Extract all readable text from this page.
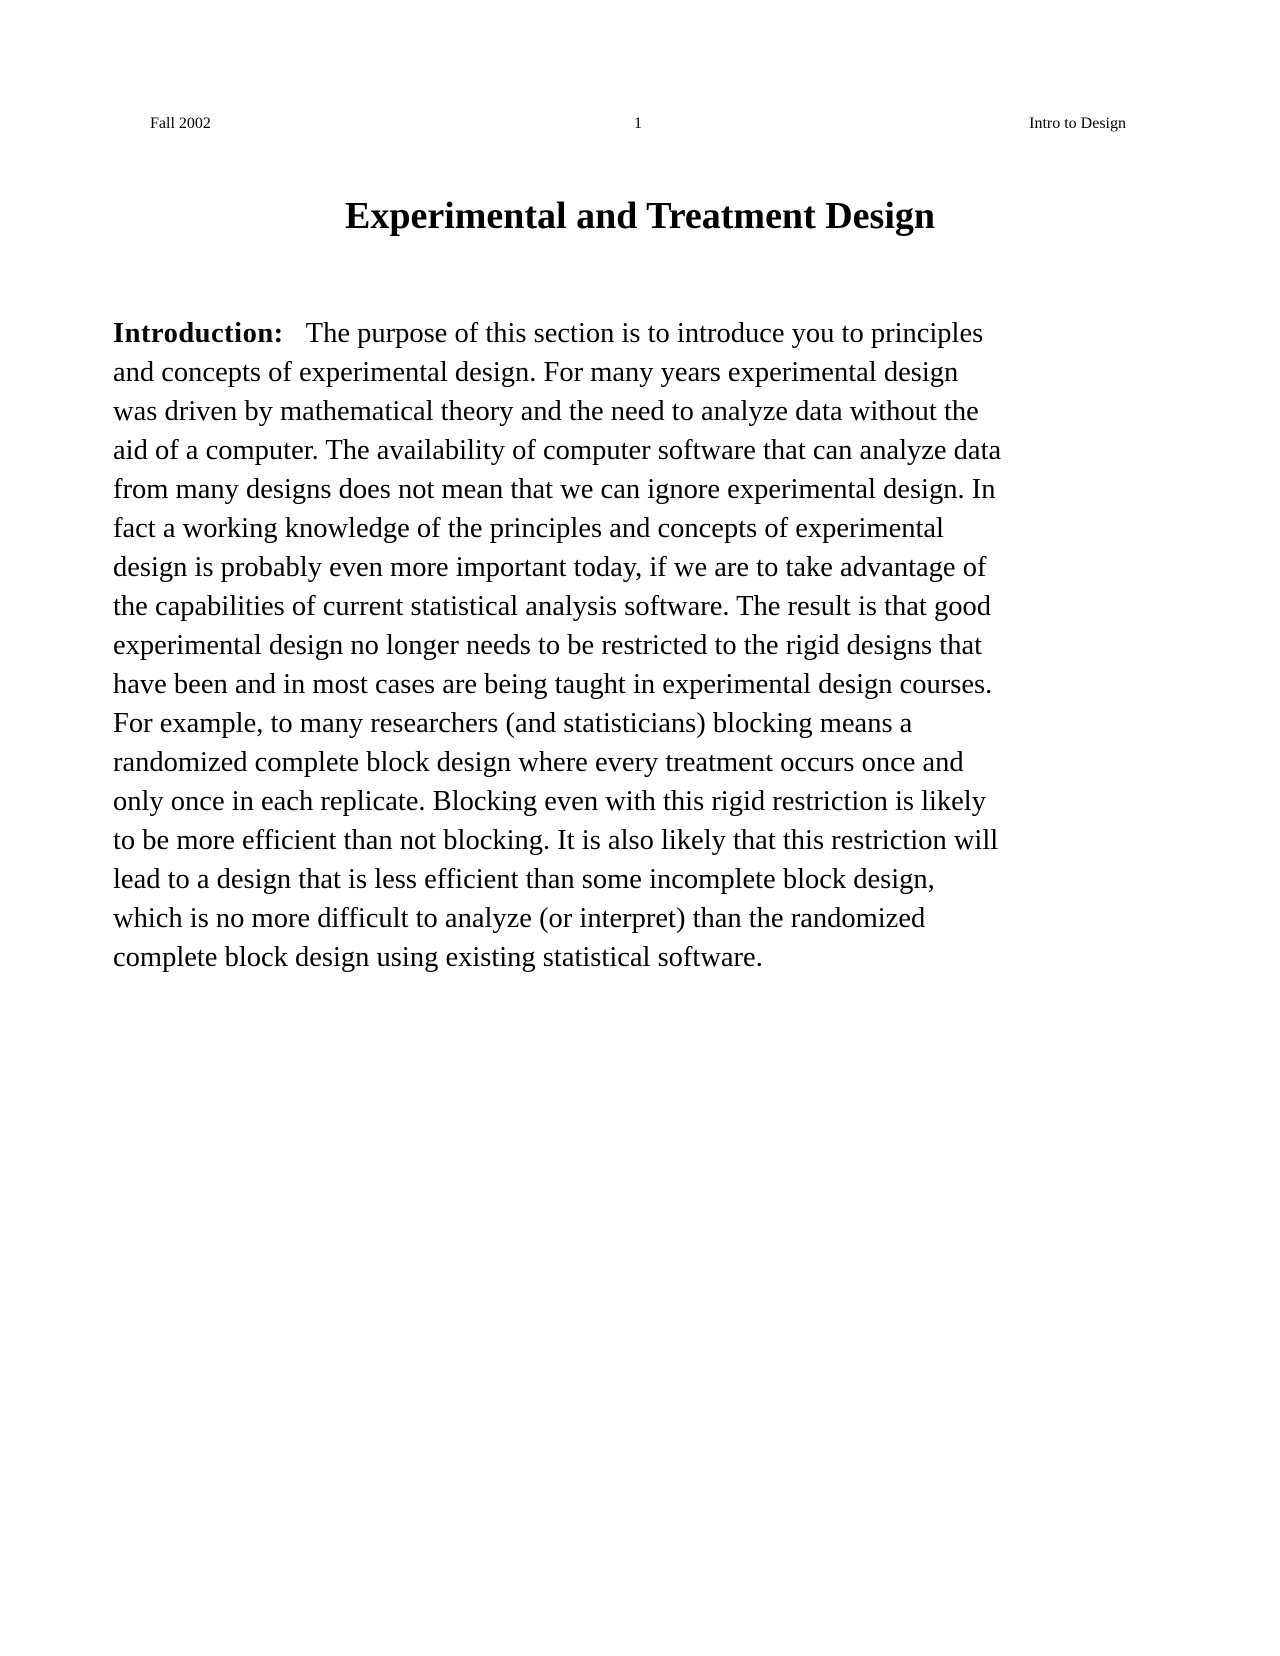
Fall 2002	1	Intro to Design
Experimental and Treatment Design
Introduction: The purpose of this section is to introduce you to principles
and concepts of experimental design. For many years experimental design
was driven by mathematical theory and the need to analyze data without the
aid of a computer. The availability of computer software that can analyze data
from many designs does not mean that we can ignore experimental design. In
fact a working knowledge of the principles and concepts of experimental
design is probably even more important today, if we are to take advantage of
the capabilities of current statistical analysis software. The result is that good
experimental design no longer needs to be restricted to the rigid designs that
have been and in most cases are being taught in experimental design courses.
For example, to many researchers (and statisticians) blocking means a
randomized complete block design where every treatment occurs once and
only once in each replicate. Blocking even with this rigid restriction is likely
to be more efficient than not blocking. It is also likely that this restriction will
lead to a design that is less efficient than some incomplete block design,
which is no more difficult to analyze (or interpret) than the randomized
complete block design using existing statistical software.
